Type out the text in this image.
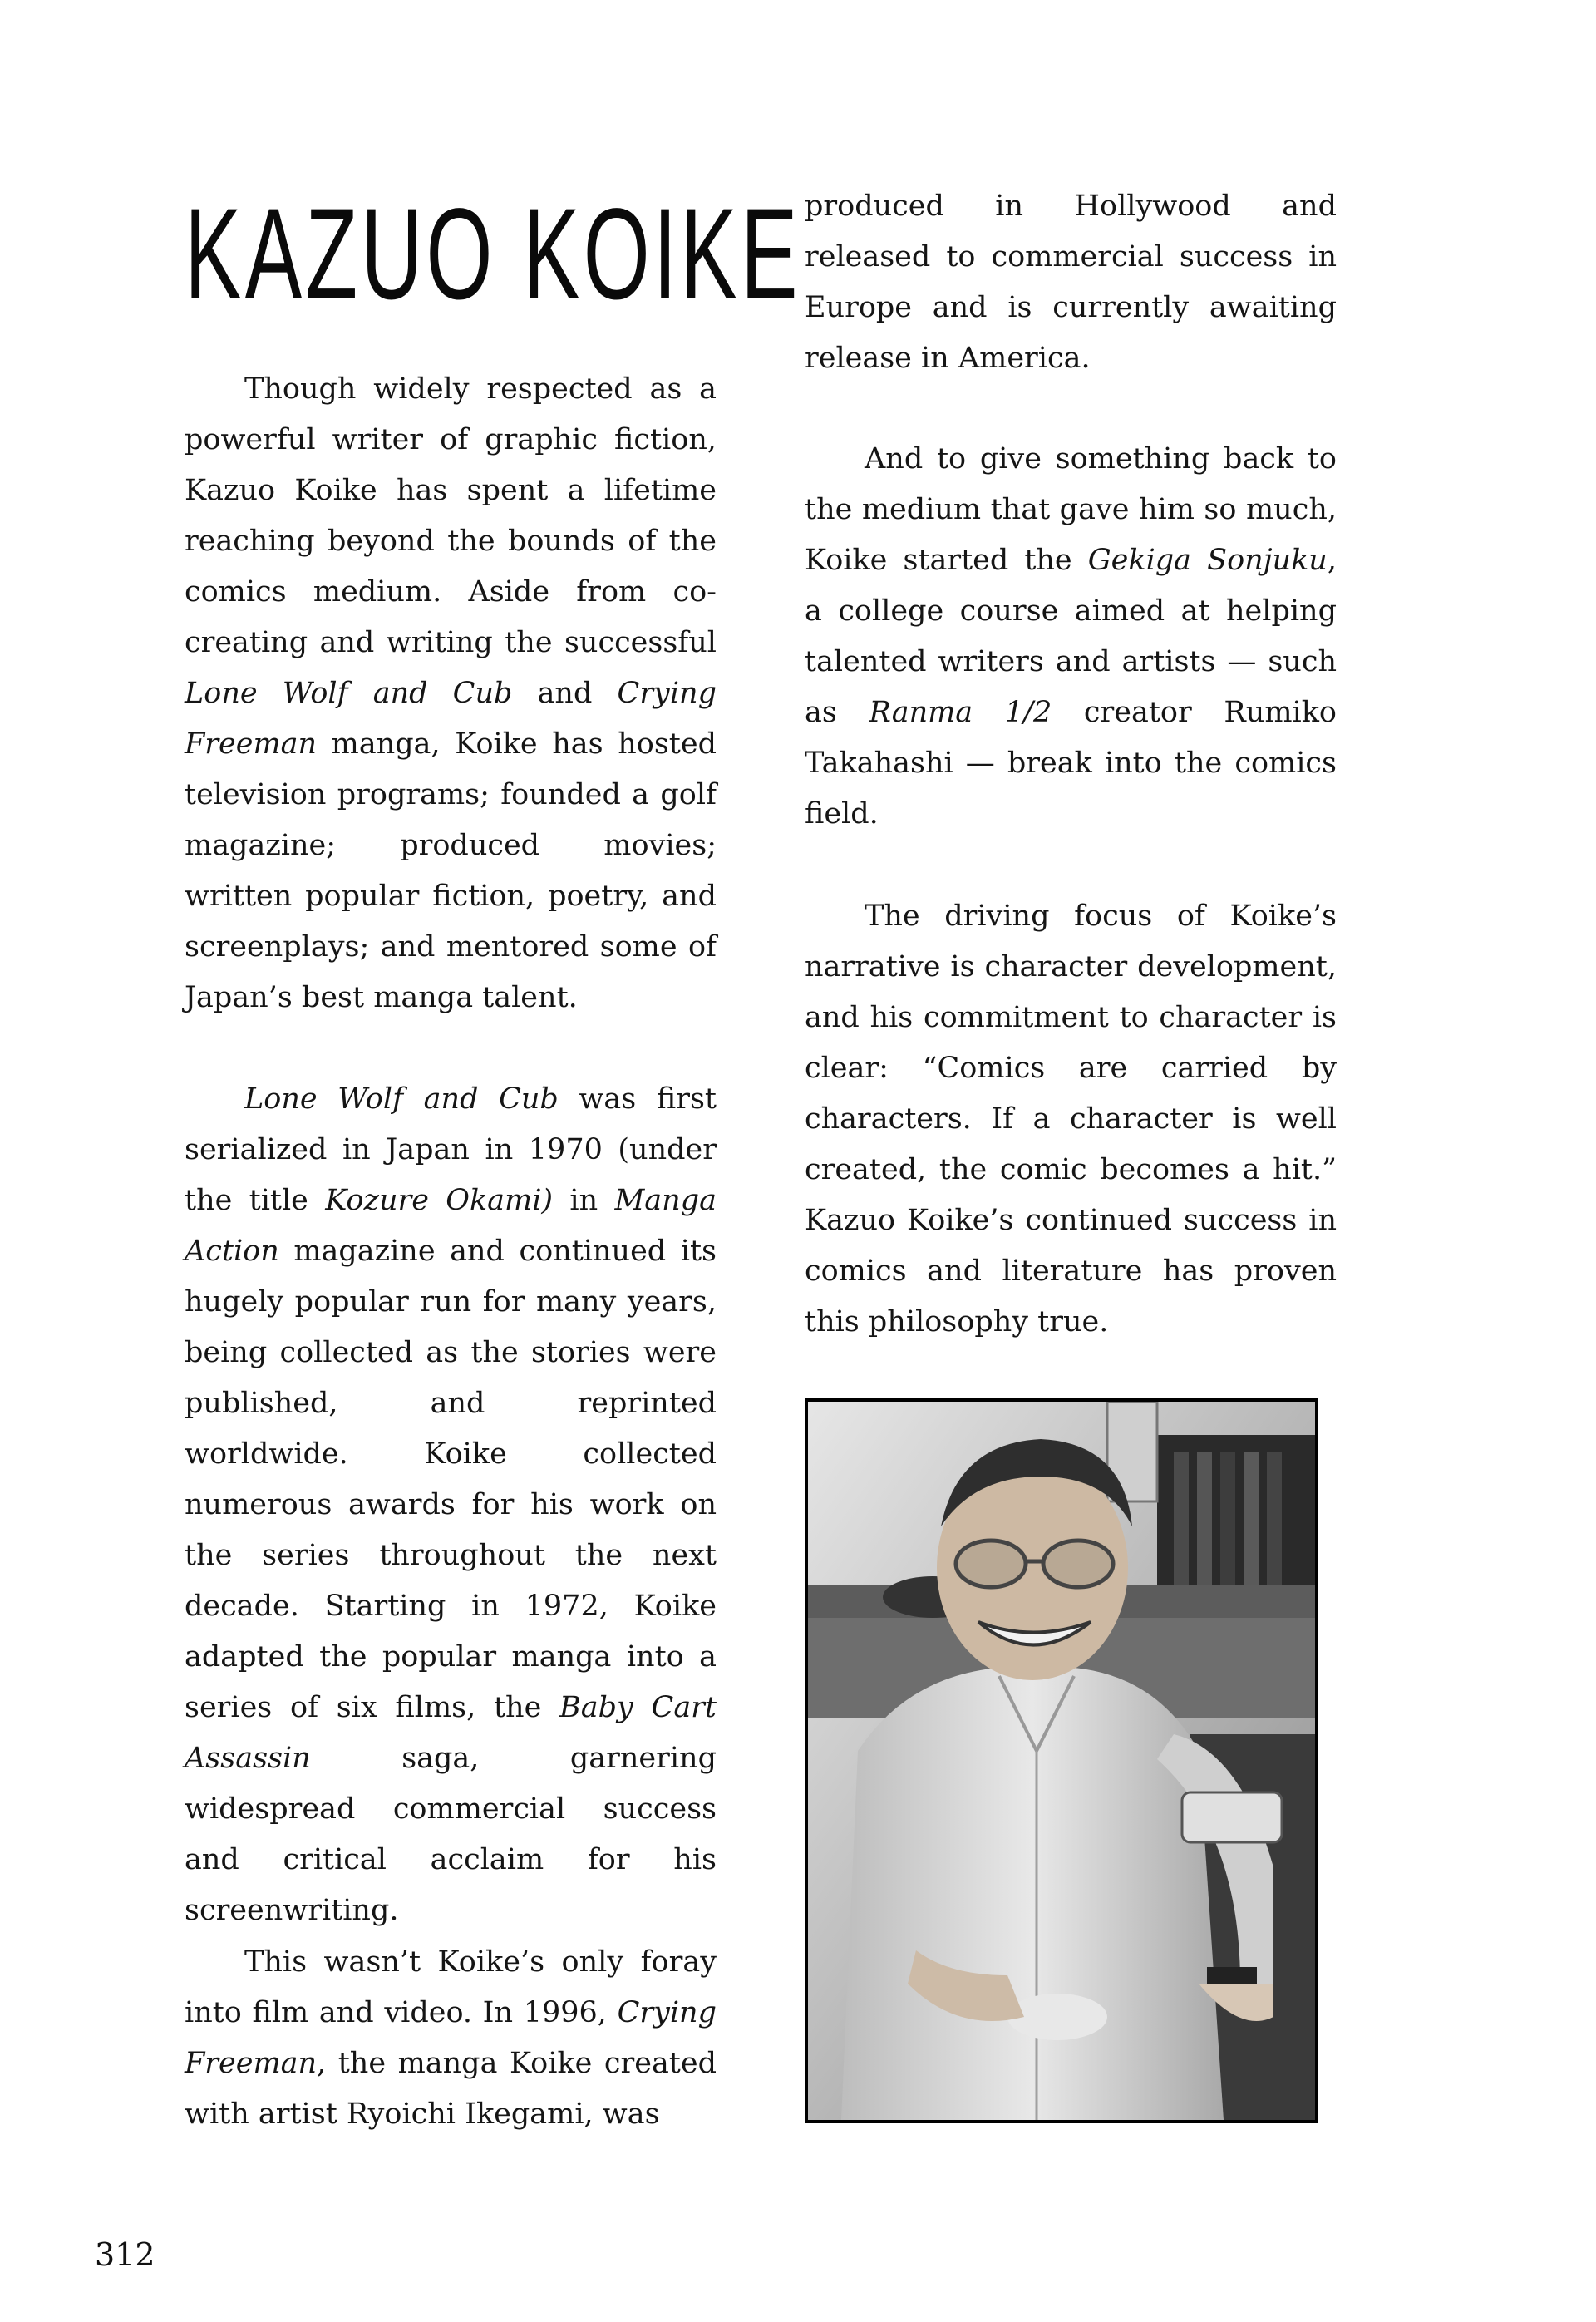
KAZUO KOIKE

Though widely respected as a powerful writer of graphic fiction, Kazuo Koike has spent a lifetime reaching beyond the bounds of the comics medium. Aside from co-creating and writing the successful Lone Wolf and Cub and Crying Freeman manga, Koike has hosted television programs; founded a golf magazine; produced movies; written popular fiction, poetry, and screenplays; and mentored some of Japan’s best manga talent.

Lone Wolf and Cub was first serialized in Japan in 1970 (under the title Kozure Okami) in Manga Action magazine and continued its hugely popular run for many years, being collected as the stories were published, and reprinted worldwide. Koike collected numerous awards for his work on the series throughout the next decade. Starting in 1972, Koike adapted the popular manga into a series of six films, the Baby Cart Assassin saga, garnering widespread commercial success and critical acclaim for his screenwriting.

This wasn’t Koike’s only foray into film and video. In 1996, Crying Freeman, the manga Koike created with artist Ryoichi Ikegami, was

produced in Hollywood and released to commercial success in Europe and is currently awaiting release in America.

And to give something back to the medium that gave him so much, Koike started the Gekiga Sonjuku, a college course aimed at helping talented writers and artists — such as Ranma 1/2 creator Rumiko Takahashi — break into the comics field.

The driving focus of Koike’s narrative is character development, and his commitment to character is clear: “Comics are carried by characters. If a character is well created, the comic becomes a hit.” Kazuo Koike’s continued success in comics and literature has proven this philosophy true.

312
